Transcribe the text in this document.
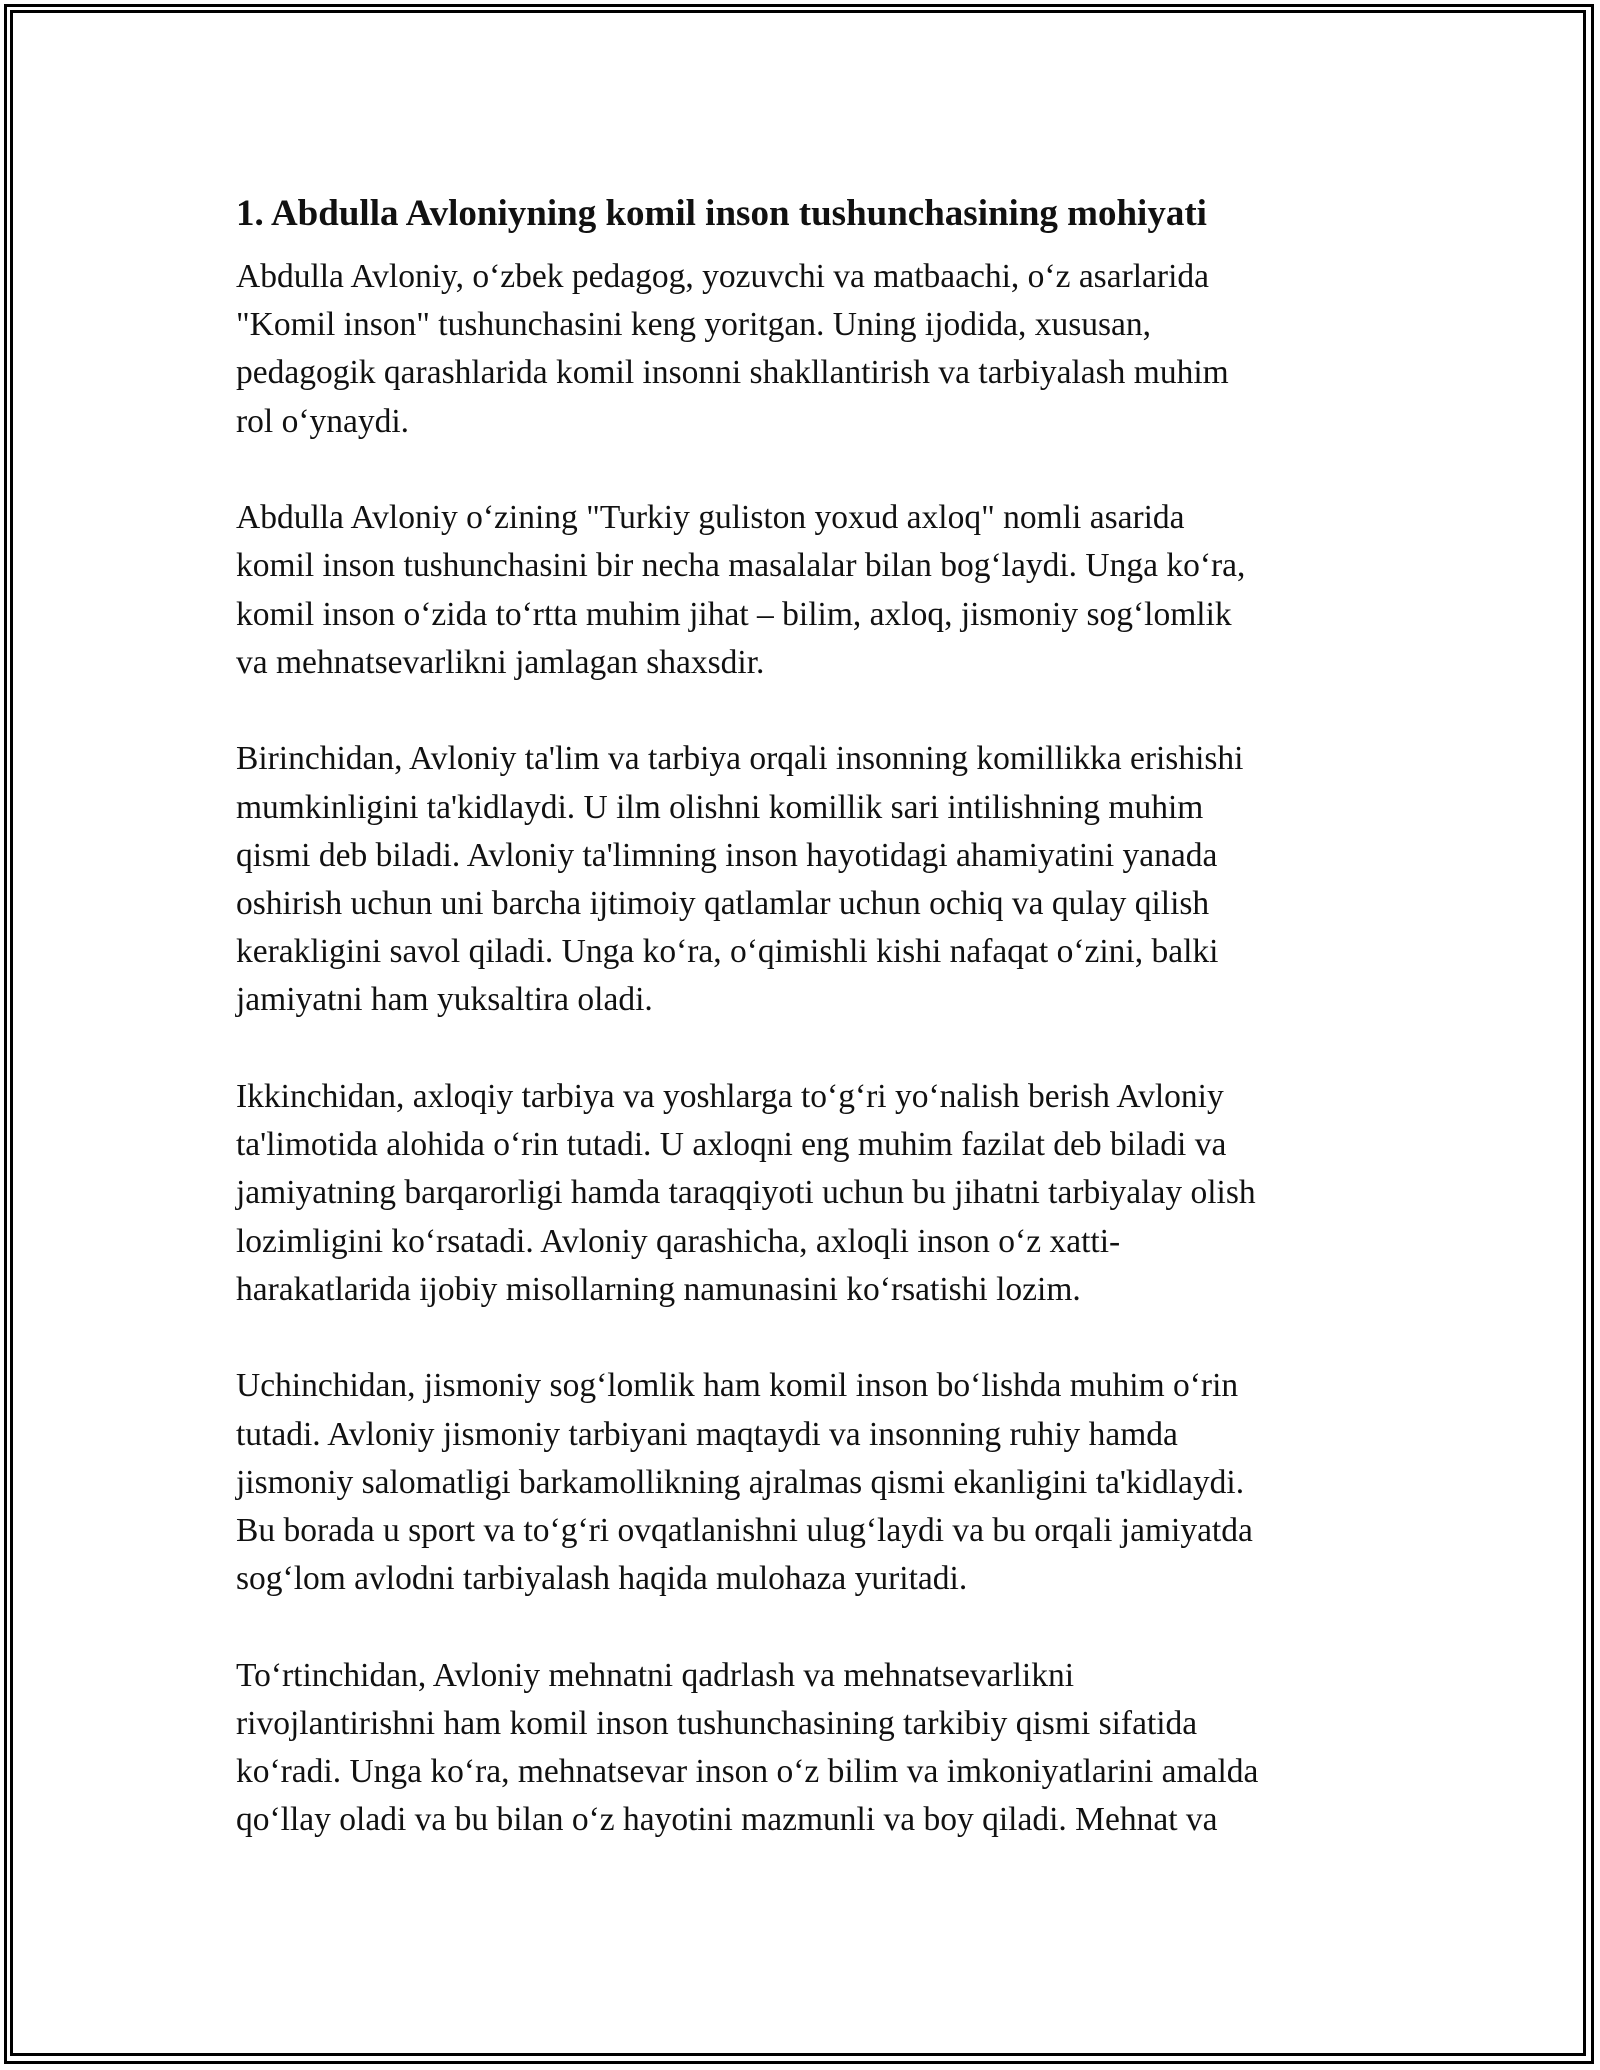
1. Abdulla Avloniyning komil inson tushunchasining mohiyati
Abdulla Avloniy, o‘zbek pedagog, yozuvchi va matbaachi, o‘z asarlarida
"Komil inson" tushunchasini keng yoritgan. Uning ijodida, xususan,
pedagogik qarashlarida komil insonni shakllantirish va tarbiyalash muhim
rol o‘ynaydi.
Abdulla Avloniy o‘zining "Turkiy guliston yoxud axloq" nomli asarida
komil inson tushunchasini bir necha masalalar bilan bog‘laydi. Unga ko‘ra,
komil inson o‘zida to‘rtta muhim jihat – bilim, axloq, jismoniy sog‘lomlik
va mehnatsevarlikni jamlagan shaxsdir.
Birinchidan, Avloniy ta'lim va tarbiya orqali insonning komillikka erishishi
mumkinligini ta'kidlaydi. U ilm olishni komillik sari intilishning muhim
qismi deb biladi. Avloniy ta'limning inson hayotidagi ahamiyatini yanada
oshirish uchun uni barcha ijtimoiy qatlamlar uchun ochiq va qulay qilish
kerakligini savol qiladi. Unga ko‘ra, o‘qimishli kishi nafaqat o‘zini, balki
jamiyatni ham yuksaltira oladi.
Ikkinchidan, axloqiy tarbiya va yoshlarga to‘g‘ri yo‘nalish berish Avloniy
ta'limotida alohida o‘rin tutadi. U axloqni eng muhim fazilat deb biladi va
jamiyatning barqarorligi hamda taraqqiyoti uchun bu jihatni tarbiyalay olish
lozimligini ko‘rsatadi. Avloniy qarashicha, axloqli inson o‘z xatti-
harakatlarida ijobiy misollarning namunasini ko‘rsatishi lozim.
Uchinchidan, jismoniy sog‘lomlik ham komil inson bo‘lishda muhim o‘rin
tutadi. Avloniy jismoniy tarbiyani maqtaydi va insonning ruhiy hamda
jismoniy salomatligi barkamollikning ajralmas qismi ekanligini ta'kidlaydi.
Bu borada u sport va to‘g‘ri ovqatlanishni ulug‘laydi va bu orqali jamiyatda
sog‘lom avlodni tarbiyalash haqida mulohaza yuritadi.
To‘rtinchidan, Avloniy mehnatni qadrlash va mehnatsevarlikni
rivojlantirishni ham komil inson tushunchasining tarkibiy qismi sifatida
ko‘radi. Unga ko‘ra, mehnatsevar inson o‘z bilim va imkoniyatlarini amalda
qo‘llay oladi va bu bilan o‘z hayotini mazmunli va boy qiladi. Mehnat va
